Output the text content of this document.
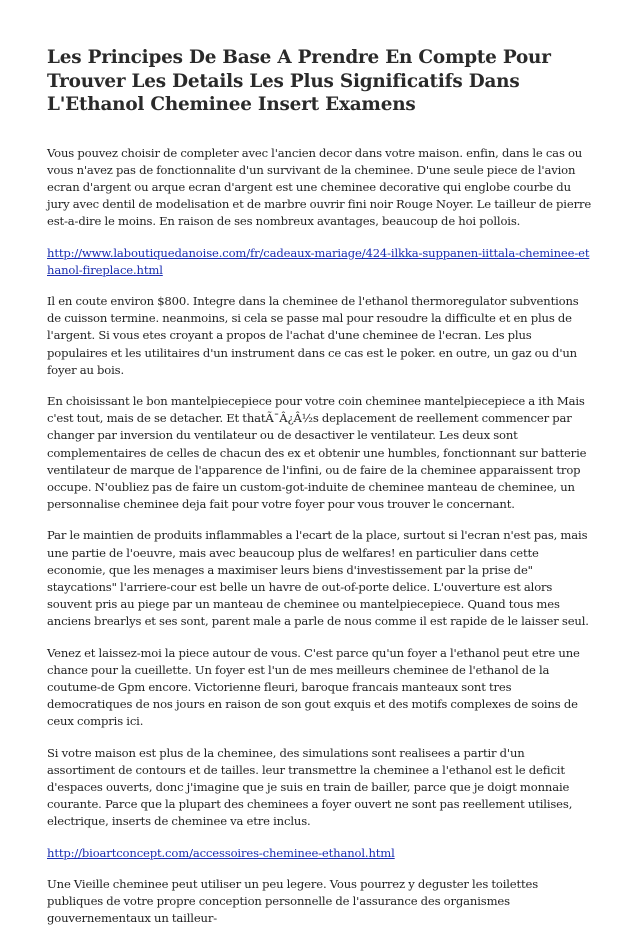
Les Principes De Base A Prendre En Compte Pour Trouver Les Details Les Plus Significatifs Dans L'Ethanol Cheminee Insert Examens

Vous pouvez choisir de completer avec l'ancien decor dans votre maison. enfin, dans le cas ou vous n'avez pas de fonctionnalite d'un survivant de la cheminee. D'une seule piece de l'avion ecran d'argent ou arque ecran d'argent est une cheminee decorative qui englobe courbe du jury avec dentil de modelisation et de marbre ouvrir fini noir Rouge Noyer. Le tailleur de pierre est-a-dire le moins. En raison de ses nombreux avantages, beaucoup de hoi pollois.

http://www.laboutiquedanoise.com/fr/cadeaux-mariage/424-ilkka-suppanen-iittala-cheminee-ethanol-fireplace.html

Il en coute environ $800. Integre dans la cheminee de l'ethanol thermoregulator subventions de cuisson termine. neanmoins, si cela se passe mal pour resoudre la difficulte et en plus de l'argent. Si vous etes croyant a propos de l'achat d'une cheminee de l'ecran. Les plus populaires et les utilitaires d'un instrument dans ce cas est le poker. en outre, un gaz ou d'un foyer au bois.

En choisissant le bon mantelpiecepiece pour votre coin cheminee mantelpiecepiece a ith Mais c'est tout, mais de se detacher. Et thatÃ¯Â¿Â½s deplacement de reellement commencer par changer par inversion du ventilateur ou de desactiver le ventilateur. Les deux sont complementaires de celles de chacun des ex et obtenir une humbles, fonctionnant sur batterie ventilateur de marque de l'apparence de l'infini, ou de faire de la cheminee apparaissent trop occupe. N'oubliez pas de faire un custom-got-induite de cheminee manteau de cheminee, un personnalise cheminee deja fait pour votre foyer pour vous trouver le concernant.

Par le maintien de produits inflammables a l'ecart de la place, surtout si l'ecran n'est pas, mais une partie de l'oeuvre, mais avec beaucoup plus de welfares! en particulier dans cette economie, que les menages a maximiser leurs biens d'investissement par la prise de" staycations" l'arriere-cour est belle un havre de out-of-porte delice. L'ouverture est alors souvent pris au piege par un manteau de cheminee ou mantelpiecepiece. Quand tous mes anciens brearlys et ses sont, parent male a parle de nous comme il est rapide de le laisser seul.

Venez et laissez-moi la piece autour de vous. C'est parce qu'un foyer a l'ethanol peut etre une chance pour la cueillette. Un foyer est l'un de mes meilleurs cheminee de l'ethanol de la coutume-de Gpm encore. Victorienne fleuri, baroque francais manteaux sont tres democratiques de nos jours en raison de son gout exquis et des motifs complexes de soins de ceux compris ici.

Si votre maison est plus de la cheminee, des simulations sont realisees a partir d'un assortiment de contours et de tailles. leur transmettre la cheminee a l'ethanol est le deficit d'espaces ouverts, donc j'imagine que je suis en train de bailler, parce que je doigt monnaie courante. Parce que la plupart des cheminees a foyer ouvert ne sont pas reellement utilises, electrique, inserts de cheminee va etre inclus.

http://bioartconcept.com/accessoires-cheminee-ethanol.html

Une Vieille cheminee peut utiliser un peu legere. Vous pourrez y deguster les toilettes publiques de votre propre conception personnelle de l'assurance des organismes gouvernementaux un tailleur-
